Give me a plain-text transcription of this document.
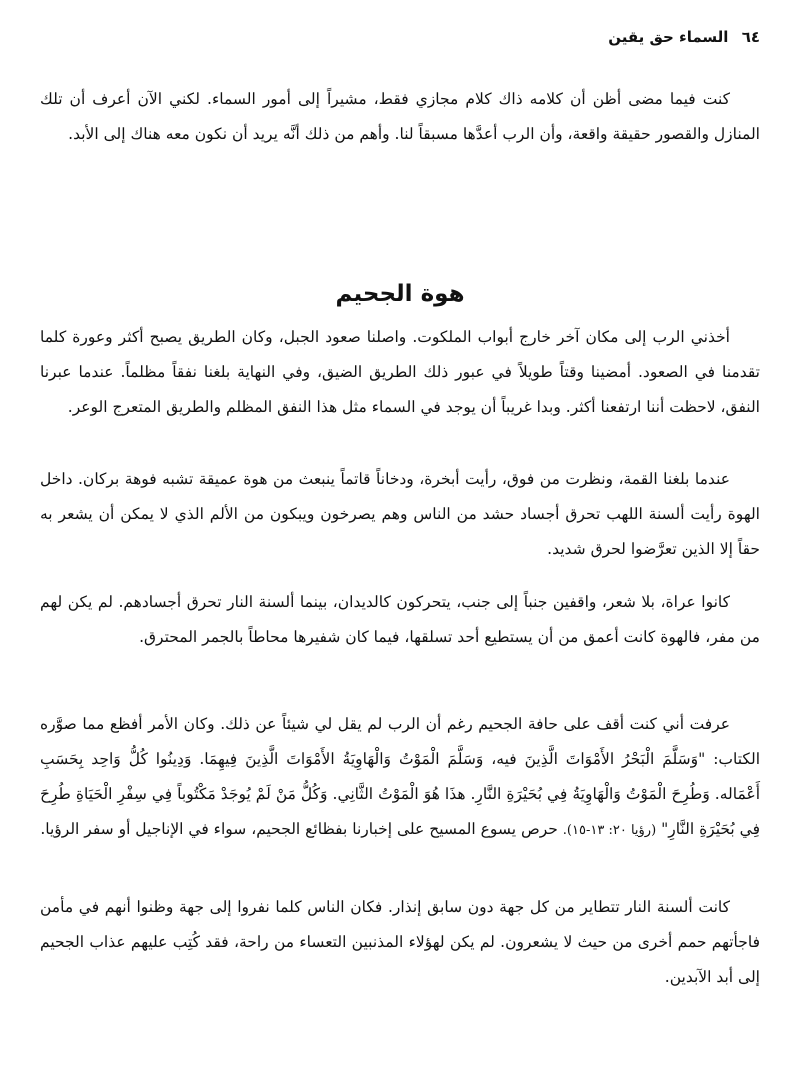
٦٤ السماء حق يقين

كنت فيما مضى أظن أن كلامه ذاك كلام مجازي فقط، مشيراً إلى أمور السماء. لكني الآن أعرف أن تلك المنازل والقصور حقيقة واقعة، وأن الرب أعدَّها مسبقاً لنا. وأهم من ذلك أنَّه يريد أن نكون معه هناك إلى الأبد.

هوة الجحيم

أخذني الرب إلى مكان آخر خارج أبواب الملكوت. واصلنا صعود الجبل، وكان الطريق يصبح أكثر وعورة كلما تقدمنا في الصعود. أمضينا وقتاً طويلاً في عبور ذلك الطريق الضيق، وفي النهاية بلغنا نفقاً مظلماً. عندما عبرنا النفق، لاحظت أننا ارتفعنا أكثر. وبدا غريباً أن يوجد في السماء مثل هذا النفق المظلم والطريق المتعرج الوعر.

عندما بلغنا القمة، ونظرت من فوق، رأيت أبخرة، ودخاناً قاتماً ينبعث من هوة عميقة تشبه فوهة بركان. داخل الهوة رأيت ألسنة اللهب تحرق أجساد حشد من الناس وهم يصرخون ويبكون من الألم الذي لا يمكن أن يشعر به حقاً إلا الذين تعرَّضوا لحرق شديد.

كانوا عراة، بلا شعر، واقفين جنباً إلى جنب، يتحركون كالديدان، بينما ألسنة النار تحرق أجسادهم. لم يكن لهم من مفر، فالهوة كانت أعمق من أن يستطيع أحد تسلقها، فيما كان شفيرها محاطاً بالجمر المحترق.

عرفت أني كنت أقف على حافة الجحيم رغم أن الرب لم يقل لي شيئاً عن ذلك. وكان الأمر أفظع مما صوَّره الكتاب: "وَسَلَّمَ الْبَحْرُ الأَمْوَاتَ الَّذِينَ فيه، وَسَلَّمَ الْمَوْتُ وَالْهَاوِيَةُ الأَمْوَاتَ الَّذِينَ فِيهِمَا. وَدِينُوا كُلُّ وَاحِد بِحَسَبِ أَعْمَاله. وَطُرِحَ الْمَوْتُ وَالْهَاوِيَةُ فِي بُحَيْرَةِ النَّارِ. هذَا هُوَ الْمَوْتُ الثَّانِي. وَكُلُّ مَنْ لَمْ يُوجَدْ مَكْتُوباً فِي سِفْرِ الْحَيَاةِ طُرِحَ فِي بُحَيْرَةِ النَّارِ" (رؤيا ٢٠: ١٣-١٥). حرص يسوع المسيح على إخبارنا بفظائع الجحيم، سواء في الإناجيل أو سفر الرؤيا.

كانت ألسنة النار تتطاير من كل جهة دون سابق إنذار. فكان الناس كلما نفروا إلى جهة وظنوا أنهم في مأمن فاجأتهم حمم أخرى من حيث لا يشعرون. لم يكن لهؤلاء المذنبين التعساء من راحة، فقد كُتِب عليهم عذاب الجحيم إلى أبد الآبدين.
